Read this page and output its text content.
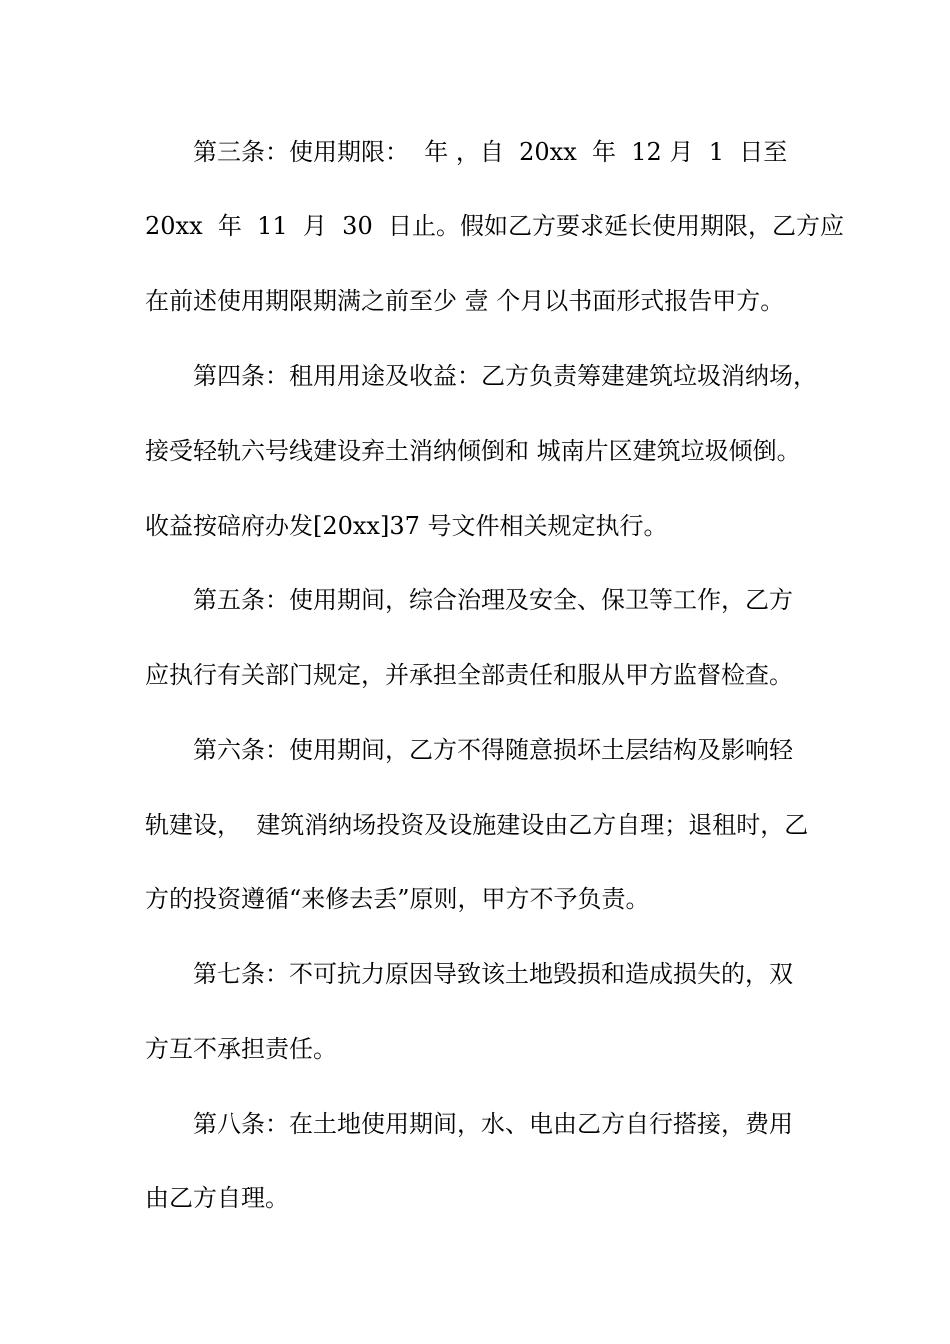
第三条：使用期限：  年 ，自  20xx  年  12 月  1  日至
20xx  年  11  月  30  日止。假如乙方要求延长使用期限，乙方应
在前述使用期限期满之前至少 壹 个月以书面形式报告甲方。
第四条：租用用途及收益：乙方负责筹建建筑垃圾消纳场，
接受轻轨六号线建设弃土消纳倾倒和 城南片区建筑垃圾倾倒。
收益按碚府办发[20xx]37 号文件相关规定执行。
第五条：使用期间，综合治理及安全、保卫等工作，乙方
应执行有关部门规定，并承担全部责任和服从甲方监督检查。
第六条：使用期间，乙方不得随意损坏土层结构及影响轻
轨建设，  建筑消纳场投资及设施建设由乙方自理；退租时，乙
方的投资遵循“来修去丢”原则，甲方不予负责。
第七条：不可抗力原因导致该土地毁损和造成损失的，双
方互不承担责任。
第八条：在土地使用期间，水、电由乙方自行搭接，费用
由乙方自理。
